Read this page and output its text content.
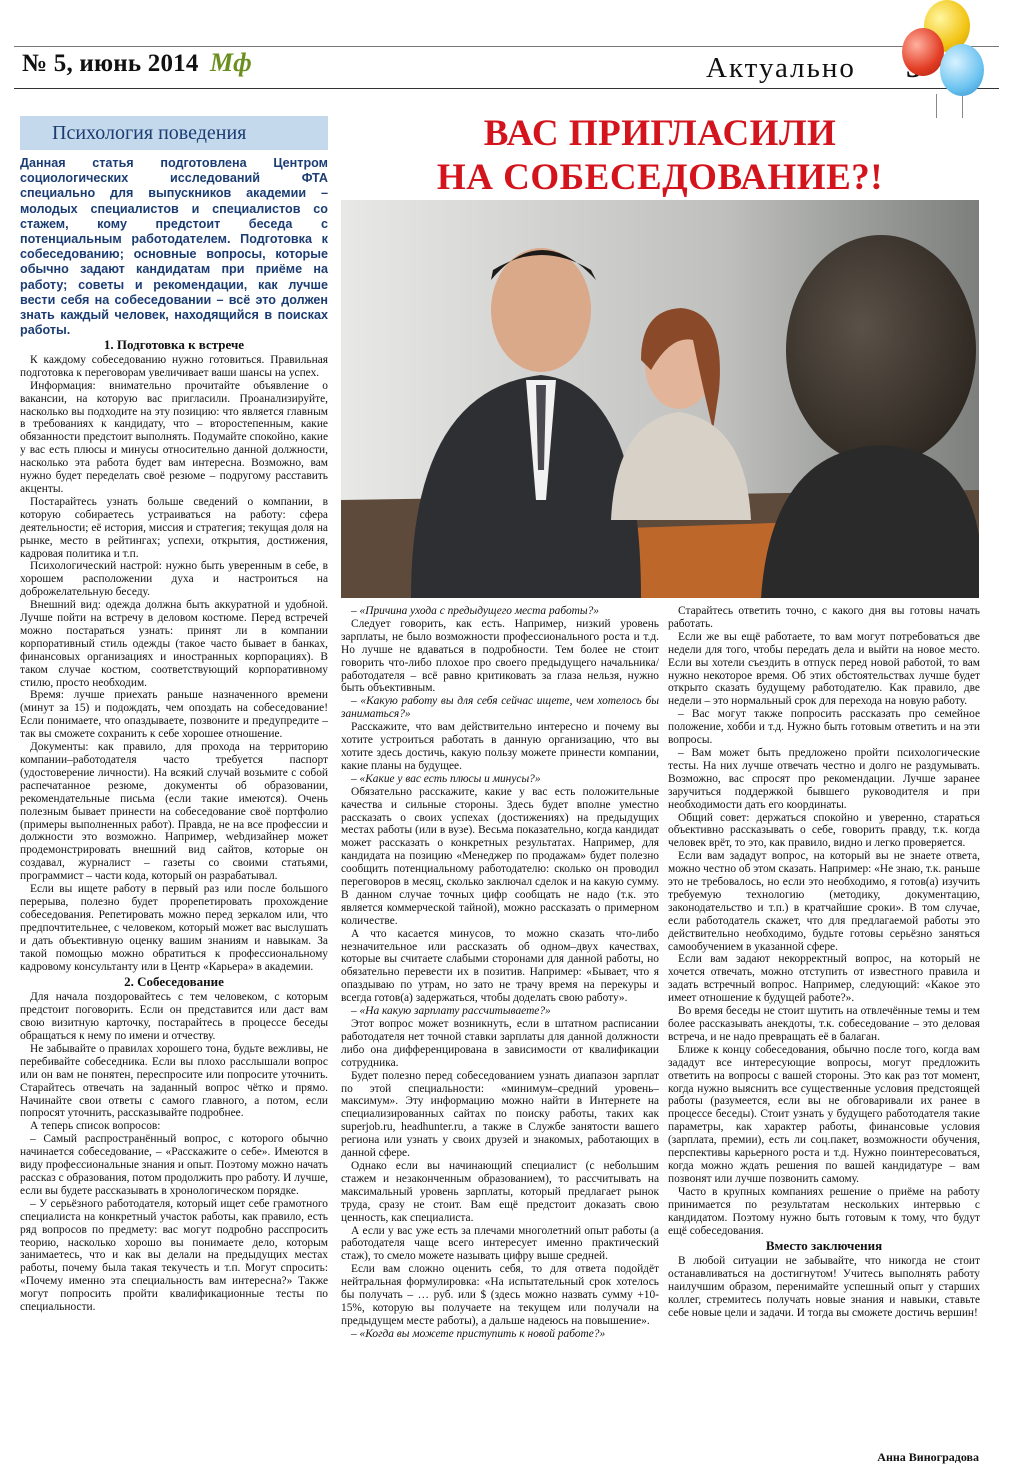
№ 5, июнь 2014 Мф	Актуально
Психология поведения
Данная статья подготовлена Центром социологических исследований ФТА специально для выпускников академии – молодых специалистов и специалистов со стажем, кому предстоит беседа с потенциальным работодателем. Подготовка к собеседованию; основные вопросы, которые обычно задают кандидатам при приёме на работу; советы и рекомендации, как лучше вести себя на собеседовании – всё это должен знать каждый человек, находящийся в поисках работы.
ВАС ПРИГЛАСИЛИ
НА СОБЕСЕДОВАНИЕ?!
1. Подготовка к встрече

К каждому собеседованию нужно готовиться. Правильная подготовка к переговорам увеличивает ваши шансы на успех.

Информация: внимательно прочитайте объявление о вакансии, на которую вас пригласили. Проанализируйте, насколько вы подходите на эту позицию: что является главным в требованиях к кандидату, что – второстепенным, какие обязанности предстоит выполнять. Подумайте спокойно, какие у вас есть плюсы и минусы относительно данной должности, насколько эта работа будет вам интересна. Возможно, вам нужно будет переделать своё резюме – подругому расставить акценты.

Постарайтесь узнать больше сведений о компании, в которую собираетесь устраиваться на работу: сфера деятельности; её история, миссия и стратегия; текущая доля на рынке, место в рейтингах; успехи, открытия, достижения, кадровая политика и т.п.

Психологический настрой: нужно быть уверенным в себе, в хорошем расположении духа и настроиться на доброжелательную беседу.

Внешний вид: одежда должна быть аккуратной и удобной. Лучше пойти на встречу в деловом костюме. Перед встречей можно постараться узнать: принят ли в компании корпоративный стиль одежды (такое часто бывает в банках, финансовых организациях и иностранных корпорациях). В таком случае костюм, соответствующий корпоративному стилю, просто необходим.

Время: лучше приехать раньше назначенного времени (минут за 15) и подождать, чем опоздать на собеседование! Если понимаете, что опаздываете, позвоните и предупредите – так вы сможете сохранить к себе хорошее отношение.

Документы: как правило, для прохода на территорию компании–работодателя часто требуется паспорт (удостоверение личности). На всякий случай возьмите с собой распечатанное резюме, документы об образовании, рекомендательные письма (если такие имеются). Очень полезным бывает принести на собеседование своё портфолио (примеры выполненных работ). Правда, не на все профессии и должности это возможно. Например, webдизайнер может продемонстрировать внешний вид сайтов, которые он создавал, журналист – газеты со своими статьями, программист – части кода, который он разрабатывал.

Если вы ищете работу в первый раз или после большого перерыва, полезно будет прорепетировать прохождение собеседования. Репетировать можно перед зеркалом или, что предпочтительнее, с человеком, который может вас выслушать и дать объективную оценку вашим знаниям и навыкам. За такой помощью можно обратиться к профессиональному кадровому консультанту или в Центр «Карьера» в академии.

2. Собеседование

Для начала поздоровайтесь с тем человеком, с которым предстоит поговорить. Если он представится или даст вам свою визитную карточку, постарайтесь в процессе беседы обращаться к нему по имени и отчеству.

Не забывайте о правилах хорошего тона, будьте вежливы, не перебивайте собеседника. Если вы плохо расслышали вопрос или он вам не понятен, переспросите или попросите уточнить. Старайтесь отвечать на заданный вопрос чётко и прямо. Начинайте свои ответы с самого главного, а потом, если попросят уточнить, рассказывайте подробнее.

А теперь список вопросов:

– Самый распространённый вопрос, с которого обычно начинается собеседование, – «Расскажите о себе». Имеются в виду профессиональные знания и опыт. Поэтому можно начать рассказ с образования, потом продолжить про работу. И лучше, если вы будете рассказывать в хронологическом порядке.

– У серьёзного работодателя, который ищет себе грамотного специалиста на конкретный участок работы, как правило, есть ряд вопросов по предмету: вас могут подробно расспросить теорию, насколько хорошо вы понимаете дело, которым занимаетесь, что и как вы делали на предыдущих местах работы, почему была такая текучесть и т.п. Могут спросить: «Почему именно эта специальность вам интересна?» Также могут попросить пройти квалификационные тесты по специальности.

– «Причина ухода с предыдущего места работы?»

Следует говорить, как есть. Например, низкий уровень зарплаты, не было возможности профессионального роста и т.д. Но лучше не вдаваться в подробности. Тем более не стоит говорить что-либо плохое про своего предыдущего начальника/работодателя – всё равно критиковать за глаза нельзя, нужно быть объективным.

– «Какую работу вы для себя сейчас ищете, чем хотелось бы заниматься?»

Расскажите, что вам действительно интересно и почему вы хотите устроиться работать в данную организацию, что вы хотите здесь достичь, какую пользу можете принести компании, какие планы на будущее.

– «Какие у вас есть плюсы и минусы?»

Обязательно расскажите, какие у вас есть положительные качества и сильные стороны. Здесь будет вполне уместно рассказать о своих успехах (достижениях) на предыдущих местах работы (или в вузе). Весьма показательно, когда кандидат может рассказать о конкретных результатах. Например, для кандидата на позицию «Менеджер по продажам» будет полезно сообщить потенциальному работодателю: сколько он проводил переговоров в месяц, сколько заключал сделок и на какую сумму. В данном случае точных цифр сообщать не надо (т.к. это является коммерческой тайной), можно рассказать о примерном количестве.

А что касается минусов, то можно сказать что-либо незначительное или рассказать об одном–двух качествах, которые вы считаете слабыми сторонами для данной работы, но обязательно перевести их в позитив. Например: «Бывает, что я опаздываю по утрам, но зато не трачу время на перекуры и всегда готов(а) задержаться, чтобы доделать свою работу».

– «На какую зарплату рассчитываете?»

Этот вопрос может возникнуть, если в штатном расписании работодателя нет точной ставки зарплаты для данной должности либо она дифференцирована в зависимости от квалификации сотрудника.

Будет полезно перед собеседованием узнать диапазон зарплат по этой специальности: «минимум–средний уровень–максимум». Эту информацию можно найти в Интернете на специализированных сайтах по поиску работы, таких как superjob.ru, headhunter.ru, а также в Службе занятости вашего региона или узнать у своих друзей и знакомых, работающих в данной сфере.

Однако если вы начинающий специалист (с небольшим стажем и незаконченным образованием), то рассчитывать на максимальный уровень зарплаты, который предлагает рынок труда, сразу не стоит. Вам ещё предстоит доказать свою ценность, как специалиста.

А если у вас уже есть за плечами многолетний опыт работы (а работодателя чаще всего интересует именно практический стаж), то смело можете называть цифру выше средней.

Если вам сложно оценить себя, то для ответа подойдёт нейтральная формулировка: «На испытательный срок хотелось бы получать – … руб. или $ (здесь можно назвать сумму +10-15%, которую вы получаете на текущем или получали на предыдущем месте работы), а дальше надеюсь на повышение».

– «Когда вы можете приступить к новой работе?»

Старайтесь ответить точно, с какого дня вы готовы начать работать.

Если же вы ещё работаете, то вам могут потребоваться две недели для того, чтобы передать дела и выйти на новое место. Если вы хотели съездить в отпуск перед новой работой, то вам нужно некоторое время. Об этих обстоятельствах лучше будет открыто сказать будущему работодателю. Как правило, две недели – это нормальный срок для перехода на новую работу.

– Вас могут также попросить рассказать про семейное положение, хобби и т.д. Нужно быть готовым ответить и на эти вопросы.

– Вам может быть предложено пройти психологические тесты. На них лучше отвечать честно и долго не раздумывать. Возможно, вас спросят про рекомендации. Лучше заранее заручиться поддержкой бывшего руководителя и при необходимости дать его координаты.

Общий совет: держаться спокойно и уверенно, стараться объективно рассказывать о себе, говорить правду, т.к. когда человек врёт, то это, как правило, видно и легко проверяется.

Если вам зададут вопрос, на который вы не знаете ответа, можно честно об этом сказать. Например: «Не знаю, т.к. раньше это не требовалось, но если это необходимо, я готов(а) изучить требуемую технологию (методику, документацию, законодательство и т.п.) в кратчайшие сроки». В том случае, если работодатель скажет, что для предлагаемой работы это действительно необходимо, будьте готовы серьёзно заняться самообучением в указанной сфере.

Если вам задают некорректный вопрос, на который не хочется отвечать, можно отступить от известного правила и задать встречный вопрос. Например, следующий: «Какое это имеет отношение к будущей работе?».

Во время беседы не стоит шутить на отвлечённые темы и тем более рассказывать анекдоты, т.к. собеседование – это деловая встреча, и не надо превращать её в балаган.

Ближе к концу собеседования, обычно после того, когда вам зададут все интересующие вопросы, могут предложить ответить на вопросы с вашей стороны. Это как раз тот момент, когда нужно выяснить все существенные условия предстоящей работы (разумеется, если вы не обговаривали их ранее в процессе беседы). Стоит узнать у будущего работодателя такие параметры, как характер работы, финансовые условия (зарплата, премии), есть ли соц.пакет, возможности обучения, перспективы карьерного роста и т.д. Нужно поинтересоваться, когда можно ждать решения по вашей кандидатуре – вам позвонят или лучше позвонить самому.

Часто в крупных компаниях решение о приёме на работу принимается по результатам нескольких интервью с кандидатом. Поэтому нужно быть готовым к тому, что будут ещё собеседования.

Вместо заключения

В любой ситуации не забывайте, что никогда не стоит останавливаться на достигнутом! Учитесь выполнять работу наилучшим образом, перенимайте успешный опыт у старших коллег, стремитесь получать новые знания и навыки, ставьте себе новые цели и задачи. И тогда вы сможете достичь вершин!

Анна Виноградова
